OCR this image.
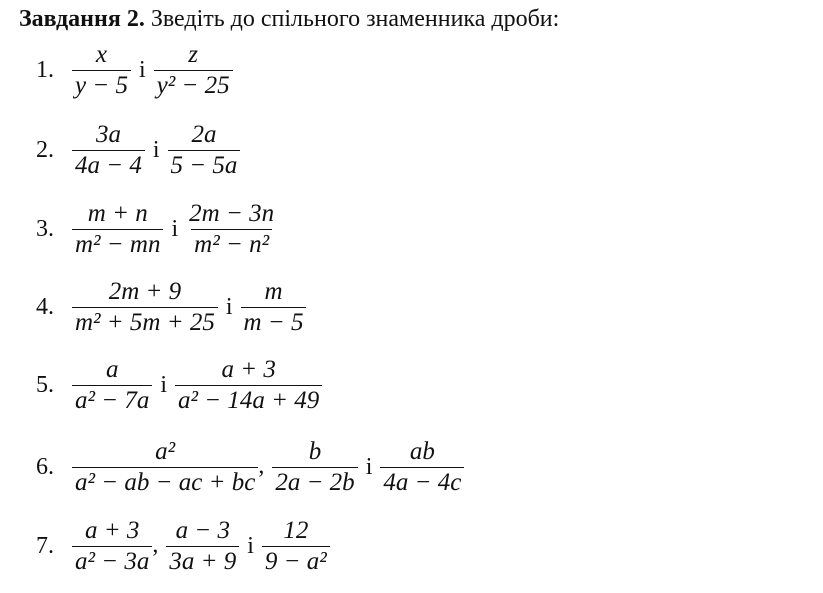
Завдання 2. Зведіть до спільного знаменника дроби:
1. $\frac{x}{y - 5}$ і $\frac{z}{\text{y² − 25}}$
2. $\frac{3a}{4a - 4}$ і $\frac{2a}{5 - 5a}$
3. $\frac{m + n}{\text{m² − mn}}$ і $\frac{2m - 3n}{\text{m² − n²}}$
4. $\frac{2m + 9}{\text{m² + 5m + 25}}$ і $\frac{m}{m - 5}$
5. $\frac{a}{\text{a² − 7a}}$ і $\frac{a + 3}{\text{a² − 14a + 49}}$
6. $\frac{\text{a²}}{\text{a² − ab − ac + bc}}$ , $\frac{b}{2a - 2b}$ і $\frac{ab}{4a - 4c}$
7. $\frac{a + 3}{\text{a² − 3a}}$ , $\frac{a - 3}{3a + 9}$ і $\frac{12}{\text{9 − a²}}$
